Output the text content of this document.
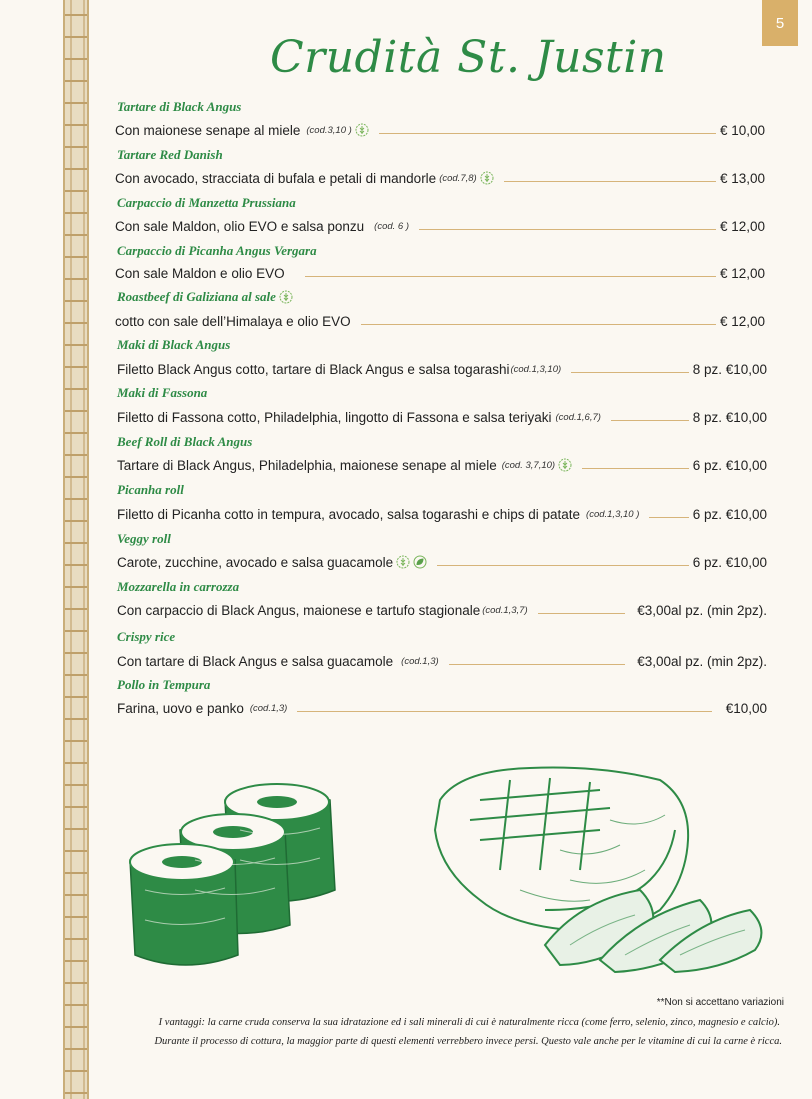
5
Crudità St. Justin
Tartare di Black Angus
Con maionese senape al miele (cod.3,10 )	€ 10,00
Tartare Red Danish
Con avocado, stracciata di bufala e petali di mandorle (cod.7,8)	€ 13,00
Carpaccio di Manzetta Prussiana
Con sale Maldon, olio EVO e salsa ponzu (cod. 6 )	€ 12,00
Carpaccio di Picanha Angus Vergara
Con sale Maldon e olio EVO	€ 12,00
Roastbeef di Galiziana al sale
cotto con sale dell’Himalaya e olio EVO	€ 12,00
Maki di Black Angus
Filetto Black Angus cotto, tartare di Black Angus e salsa togarashi (cod.1,3,10)	8 pz. €10,00
Maki di Fassona
Filetto di Fassona cotto, Philadelphia, lingotto di Fassona e salsa teriyaki (cod.1,6,7)	8 pz. €10,00
Beef Roll di Black Angus
Tartare di Black Angus, Philadelphia, maionese senape al miele (cod. 3,7,10)	6 pz. €10,00
Picanha roll
Filetto di Picanha cotto in tempura, avocado, salsa togarashi e chips di patate (cod.1,3,10 )	6 pz. €10,00
Veggy roll
Carote, zucchine, avocado e salsa guacamole	6 pz. €10,00
Mozzarella in carrozza
Con carpaccio di Black Angus, maionese e tartufo stagionale (cod.1,3,7)	€3,00al pz. (min 2pz).
Crispy rice
Con tartare di Black Angus e salsa guacamole (cod.1,3)	€3,00al pz. (min 2pz).
Pollo in Tempura
Farina, uovo e panko (cod.1,3)	€10,00
**Non si accettano variazioni
I vantaggi: la carne cruda conserva la sua idratazione ed i sali minerali di cui è naturalmente ricca (come ferro, selenio, zinco, magnesio e calcio).
Durante il processo di cottura, la maggior parte di questi elementi verrebbero invece persi. Questo vale anche per le vitamine di cui la carne è ricca.
